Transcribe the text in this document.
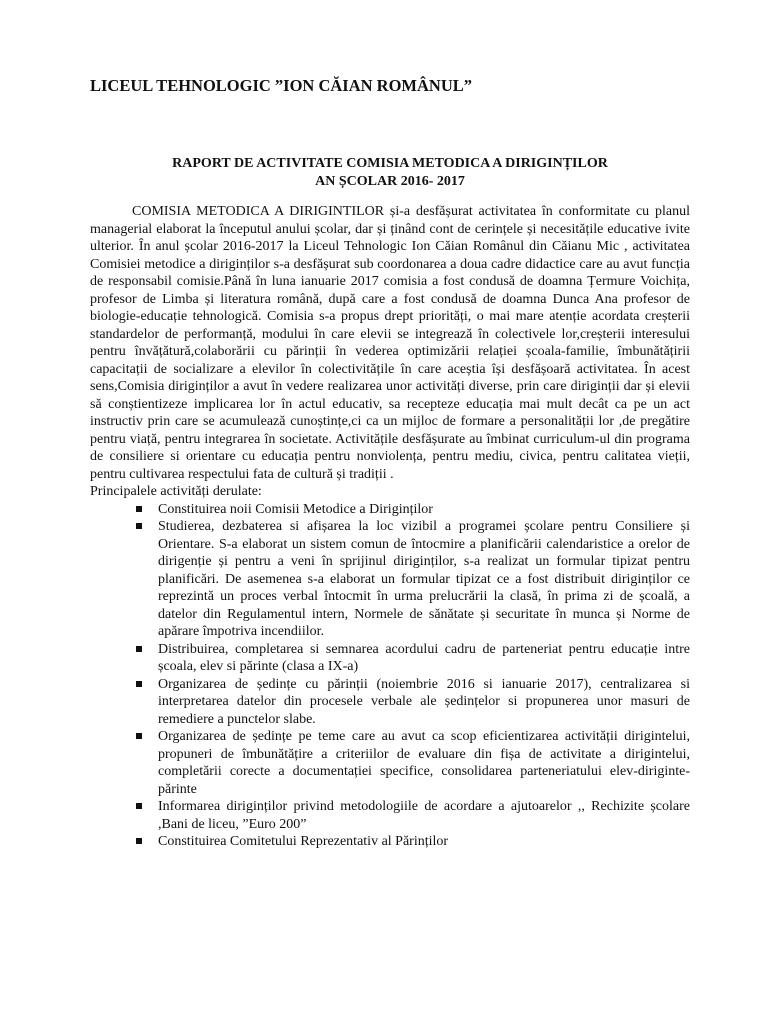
LICEUL TEHNOLOGIC ”ION CĂIAN ROMÂNUL”
RAPORT DE ACTIVITATE COMISIA METODICA A DIRIGINȚILOR
AN ȘCOLAR 2016- 2017

COMISIA METODICA A DIRIGINTILOR și-a desfășurat activitatea în conformitate cu planul managerial elaborat la începutul anului școlar, dar și ținând cont de cerințele și necesitățile educative ivite ulterior. În anul școlar 2016-2017 la Liceul Tehnologic Ion Căian Românul din Căianu Mic , activitatea Comisiei metodice a diriginților s-a desfășurat sub coordonarea a doua cadre didactice care au avut funcția de responsabil comisie.Până în luna ianuarie 2017 comisia a fost condusă de doamna Țermure Voichița, profesor de Limba și literatura română, după care a fost condusă de doamna Dunca Ana profesor de biologie-educație tehnologică. Comisia s-a propus drept priorități, o mai mare atenție acordata creșterii standardelor de performanță, modului în care elevii se integrează în colectivele lor,creșterii interesului pentru învățătură,colaborării cu părinții în vederea optimizării relației școala-familie, îmbunătățirii capacitații de socializare a elevilor în colectivitățile în care aceștia își desfășoară activitatea. În acest sens,Comisia diriginților a avut în vedere realizarea unor activități diverse, prin care diriginții dar și elevii să conștientizeze implicarea lor în actul educativ, sa recepteze educația mai mult decât ca pe un act instructiv prin care se acumulează cunoștințe,ci ca un mijloc de formare a personalității lor ,de pregătire pentru viață, pentru integrarea în societate. Activitățile desfășurate au îmbinat curriculum-ul din programa de consiliere si orientare cu educația pentru nonviolența, pentru mediu, civica, pentru calitatea vieții, pentru cultivarea respectului fata de cultură și tradiții .

Principalele activități derulate:
Constituirea noii Comisii Metodice a Diriginților
Studierea, dezbaterea si afișarea la loc vizibil a programei școlare pentru Consiliere și Orientare. S-a elaborat un sistem comun de întocmire a planificării calendaristice a orelor de dirigenție și pentru a veni în sprijinul diriginților, s-a realizat un formular tipizat pentru planificări. De asemenea s-a elaborat un formular tipizat ce a fost distribuit diriginților ce reprezintă un proces verbal întocmit în urma prelucrării la clasă, în prima zi de școală, a datelor din Regulamentul intern, Normele de sănătate și securitate în munca și Norme de apărare împotriva incendiilor.
Distribuirea, completarea si semnarea acordului cadru de parteneriat pentru educație intre școala, elev si părinte (clasa a IX-a)
Organizarea de ședințe cu părinții (noiembrie 2016 si ianuarie 2017), centralizarea si interpretarea datelor din procesele verbale ale ședințelor si propunerea unor masuri de remediere a punctelor slabe.
Organizarea de ședințe pe teme care au avut ca scop eficientizarea activității dirigintelui, propuneri de îmbunătățire a criteriilor de evaluare din fișa de activitate a dirigintelui, completării corecte a documentației specifice, consolidarea parteneriatului elev-diriginte-părinte
Informarea diriginților privind metodologiile de acordare a ajutoarelor ,, Rechizite școlare ,Bani de liceu, ”Euro 200”
Constituirea Comitetului Reprezentativ al Părinților
